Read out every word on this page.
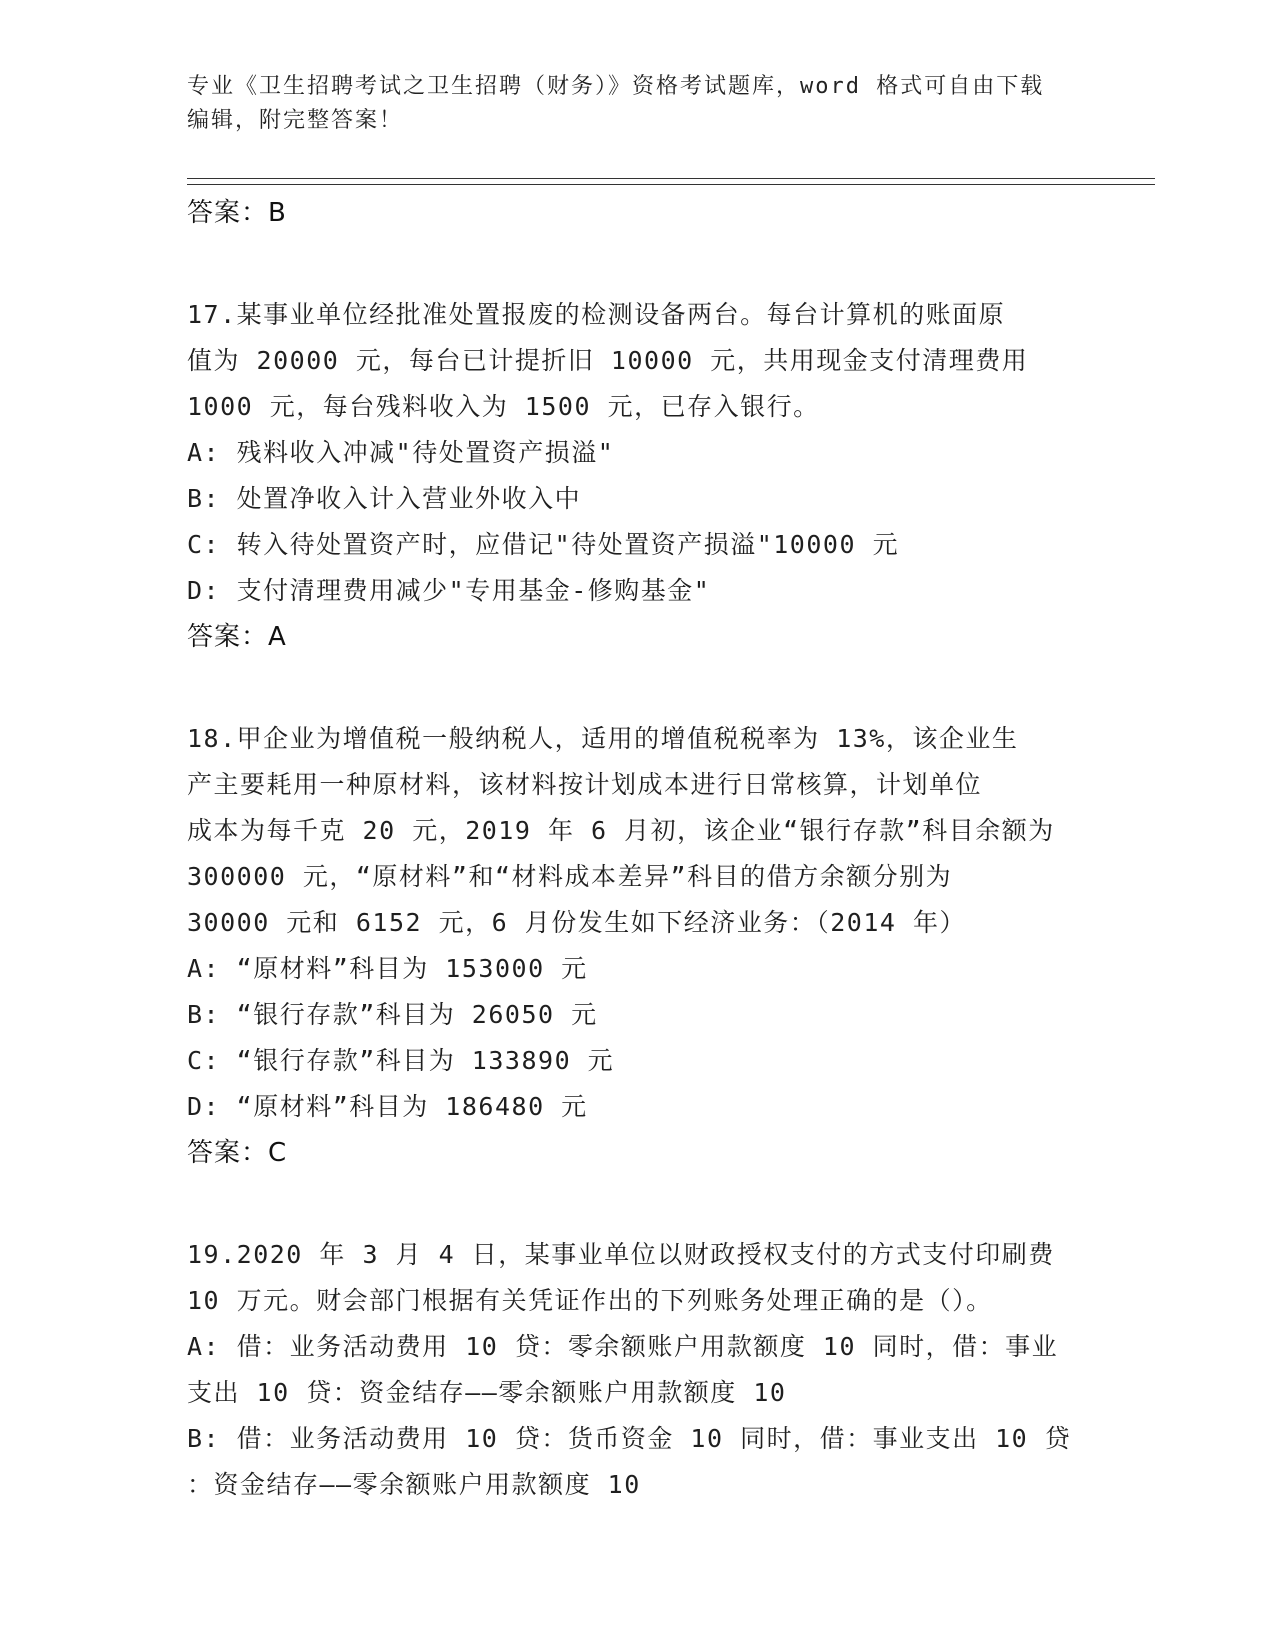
专业《卫生招聘考试之卫生招聘（财务）》资格考试题库，word 格式可自由下载
编辑，附完整答案！
答案：B
17.某事业单位经批准处置报废的检测设备两台。每台计算机的账面原
值为 20000 元，每台已计提折旧 10000 元，共用现金支付清理费用
1000 元，每台残料收入为 1500 元，已存入银行。
A: 残料收入冲减"待处置资产损溢"
B: 处置净收入计入营业外收入中
C: 转入待处置资产时，应借记"待处置资产损溢"10000 元
D: 支付清理费用减少"专用基金-修购基金"
答案：A
18.甲企业为增值税一般纳税人，适用的增值税税率为 13%，该企业生
产主要耗用一种原材料，该材料按计划成本进行日常核算，计划单位
成本为每千克 20 元，2019 年 6 月初，该企业“银行存款”科目余额为
300000 元，“原材料”和“材料成本差异”科目的借方余额分别为
30000 元和 6152 元，6 月份发生如下经济业务：（2014 年）
A: “原材料”科目为 153000 元
B: “银行存款”科目为 26050 元
C: “银行存款”科目为 133890 元
D: “原材料”科目为 186480 元
答案：C
19.2020 年 3 月 4 日，某事业单位以财政授权支付的方式支付印刷费
10 万元。财会部门根据有关凭证作出的下列账务处理正确的是（）。
A: 借：业务活动费用 10 贷：零余额账户用款额度 10 同时，借：事业
支出 10 贷：资金结存——零余额账户用款额度 10
B: 借：业务活动费用 10 贷：货币资金 10 同时，借：事业支出 10 贷
：资金结存——零余额账户用款额度 10
